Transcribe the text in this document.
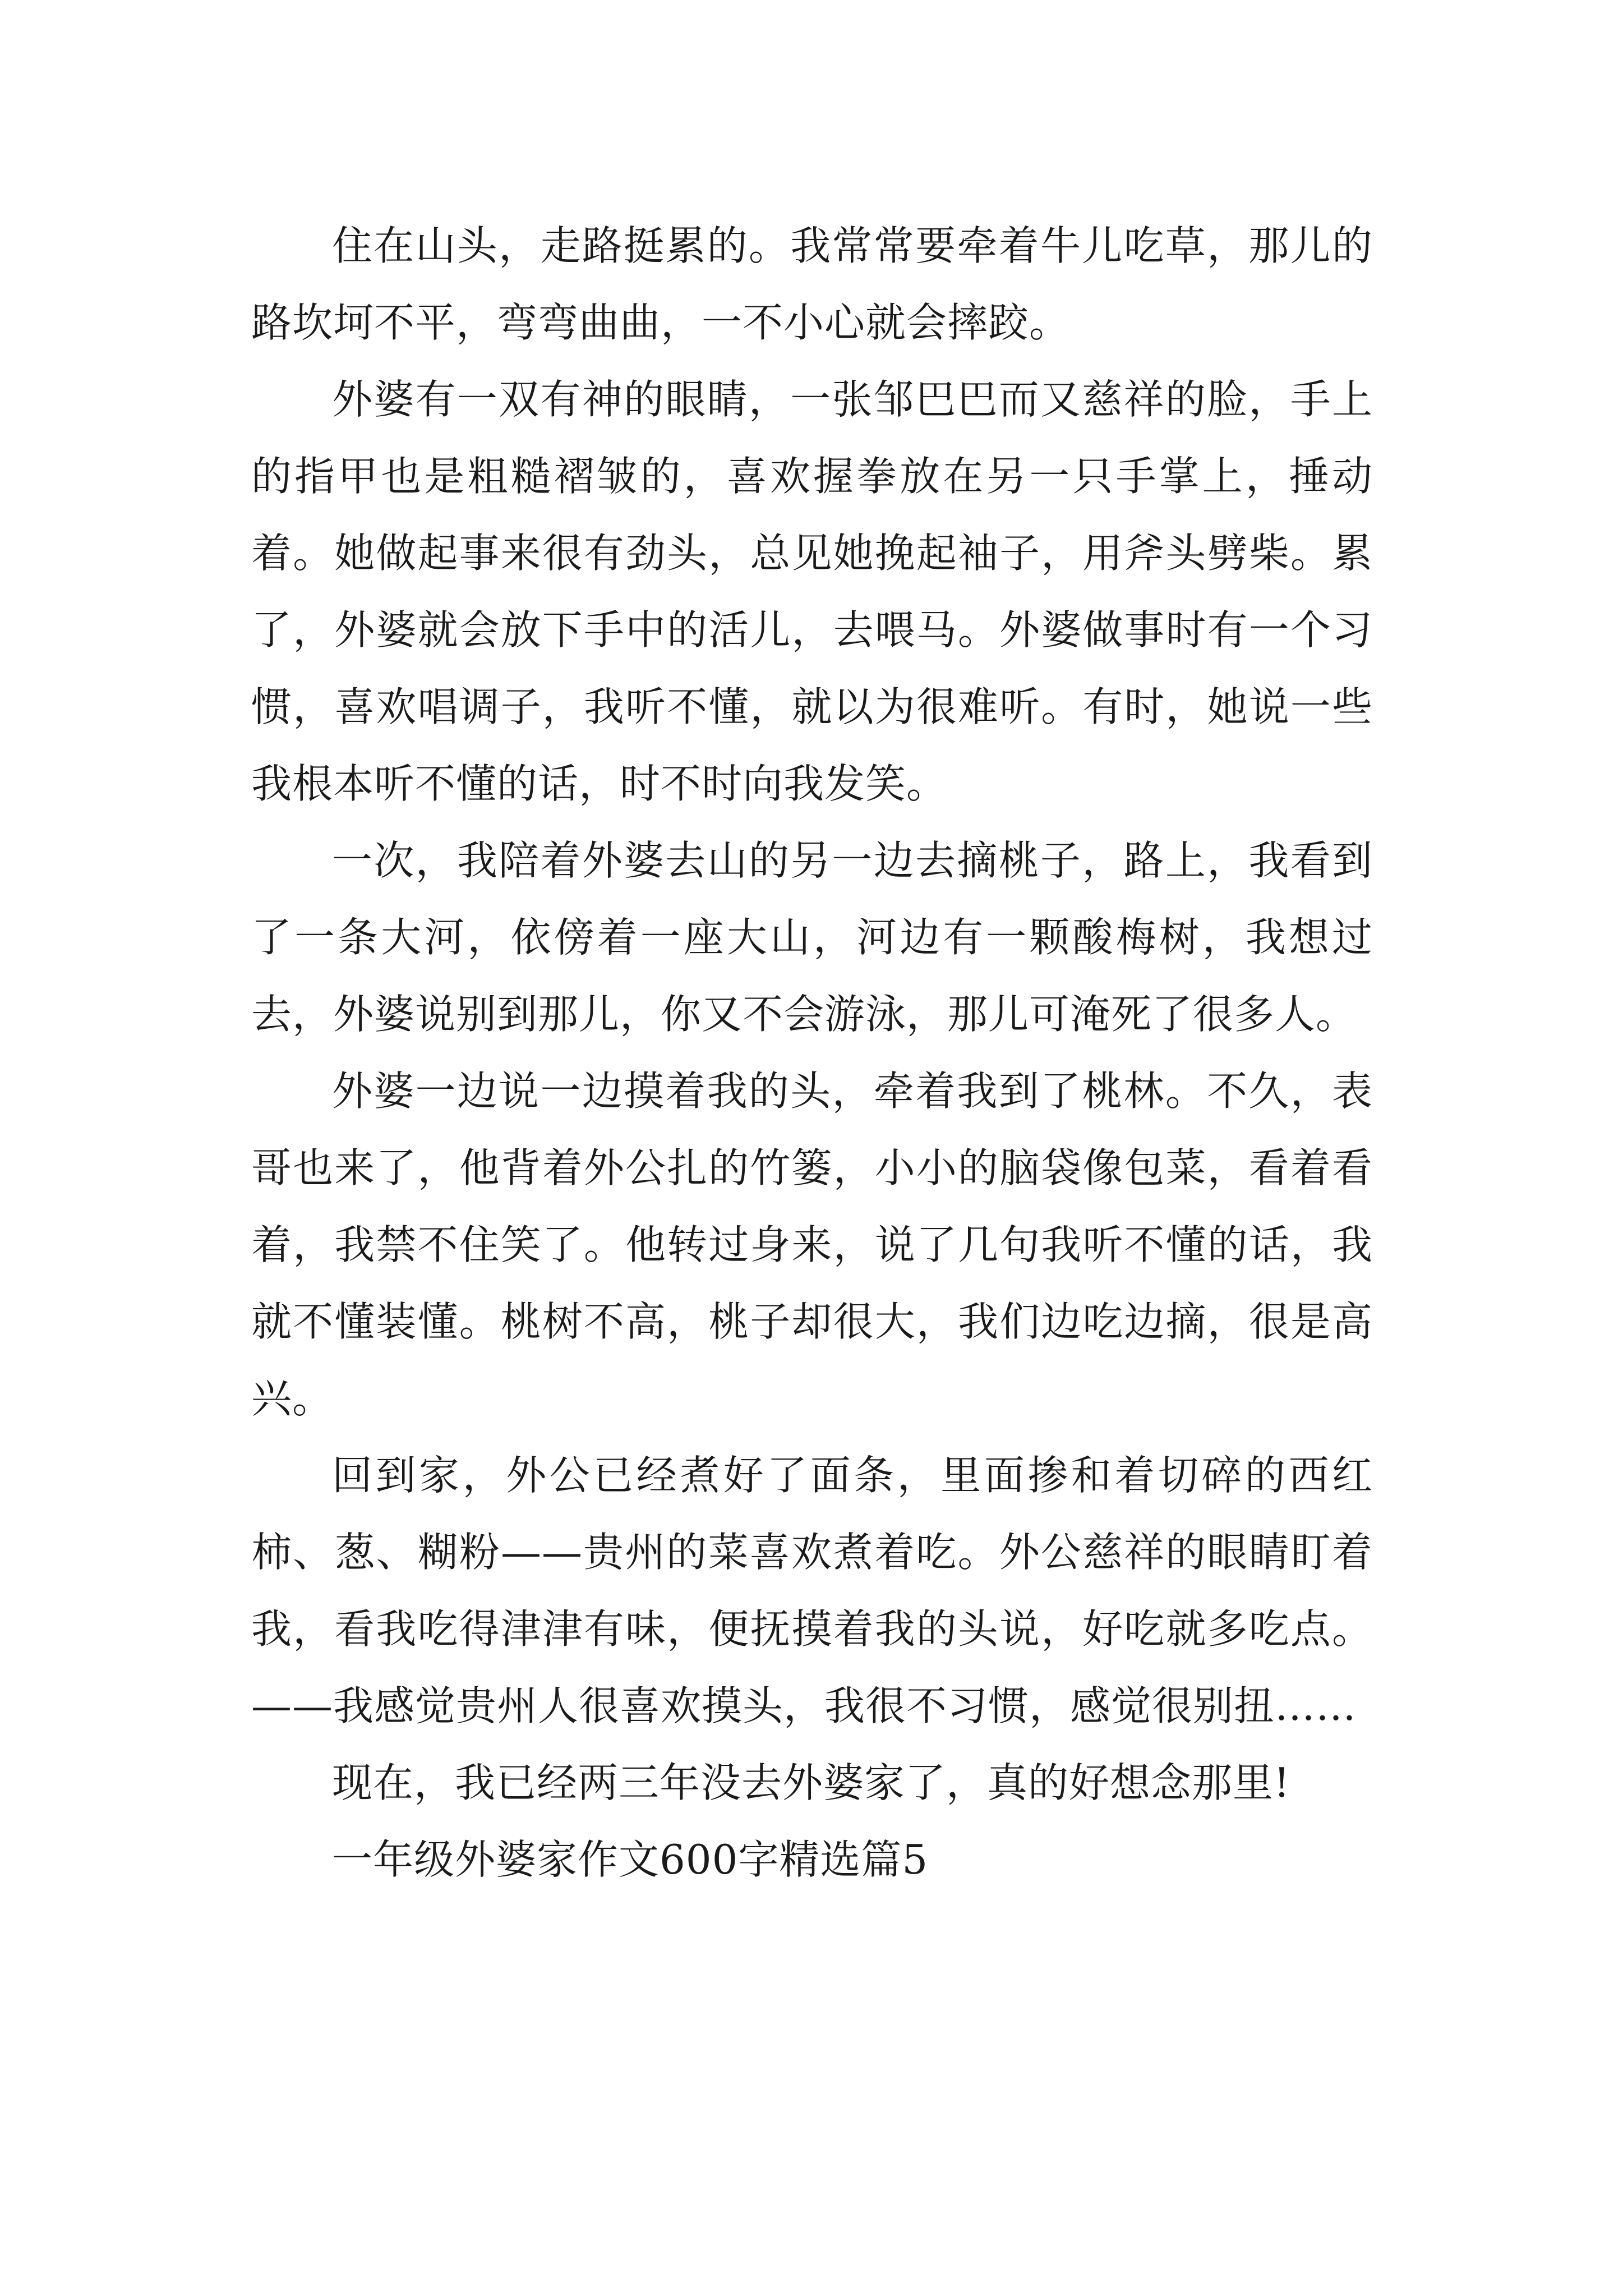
住在山头，走路挺累的。我常常要牵着牛儿吃草，那儿的路坎坷不平，弯弯曲曲，一不小心就会摔跤。

外婆有一双有神的眼睛，一张邹巴巴而又慈祥的脸，手上的指甲也是粗糙褶皱的，喜欢握拳放在另一只手掌上，捶动着。她做起事来很有劲头，总见她挽起袖子，用斧头劈柴。累了，外婆就会放下手中的活儿，去喂马。外婆做事时有一个习惯，喜欢唱调子，我听不懂，就以为很难听。有时，她说一些我根本听不懂的话，时不时向我发笑。

一次，我陪着外婆去山的另一边去摘桃子，路上，我看到了一条大河，依傍着一座大山，河边有一颗酸梅树，我想过去，外婆说别到那儿，你又不会游泳，那儿可淹死了很多人。

外婆一边说一边摸着我的头，牵着我到了桃林。不久，表哥也来了，他背着外公扎的竹篓，小小的脑袋像包菜，看着看着，我禁不住笑了。他转过身来，说了几句我听不懂的话，我就不懂装懂。桃树不高，桃子却很大，我们边吃边摘，很是高兴。

回到家，外公已经煮好了面条，里面掺和着切碎的西红柿、葱、糊粉——贵州的菜喜欢煮着吃。外公慈祥的眼睛盯着我，看我吃得津津有味，便抚摸着我的头说，好吃就多吃点。——我感觉贵州人很喜欢摸头，我很不习惯，感觉很别扭……

现在，我已经两三年没去外婆家了，真的好想念那里!

一年级外婆家作文600字精选篇5
